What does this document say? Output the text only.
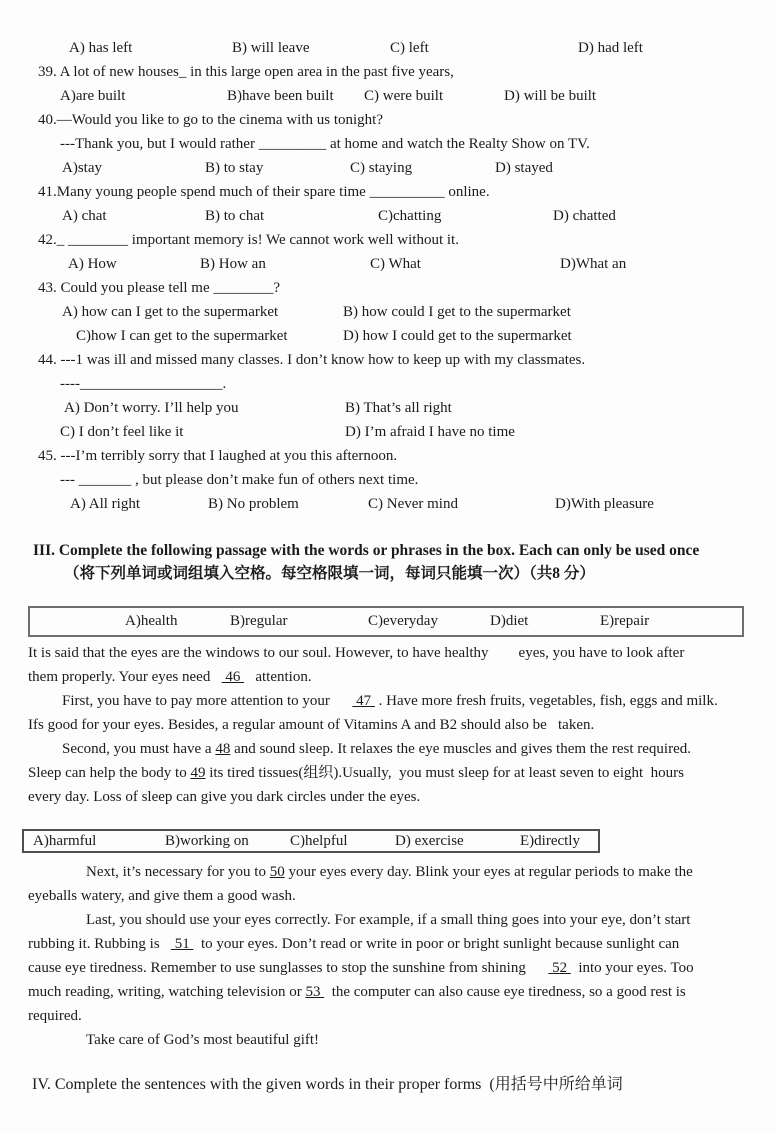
A) has left	B) will leave	C) left	D) had left
39. A lot of new houses_ in this large open area in the past five years,
A)are built	B)have been built	C) were built	D) will be built
40.—Would you like to go to the cinema with us tonight?
---Thank you, but I would rather _________ at home and watch the Realty Show on TV.
A)stay	B) to stay	C) staying	D) stayed
41.Many young people spend much of their spare time __________ online.
A) chat	B) to chat	C)chatting	D) chatted
42._ ________ important memory is! We cannot work well without it.
A) How	B) How an	C) What	D)What an
43. Could you please tell me ________?
A) how can I get to the supermarket	B) how could I get to the supermarket
C)how I can get to the supermarket	D) how I could get to the supermarket
44. ---1 was ill and missed many classes. I don’t know how to keep up with my classmates.
----___________________.
A) Don’t worry. I’ll help you	B) That’s all right
C) I don’t feel like it	D) I’m afraid I have no time
45. ---I’m terribly sorry that I laughed at you this afternoon.
--- _______ , but please don’t make fun of others next time.
A) All right	B) No problem	C) Never mind	D)With pleasure
III. Complete the following passage with the words or phrases in the box. Each can only be used once
（将下列单词或词组填入空格。每空格限填一词，每词只能填一次）（共8 分）
A)health	B)regular	C)everyday	D)diet	E)repair
It is said that the eyes are the windows to our soul. However, to have healthy        eyes, you have to look after
them properly. Your eyes need    46    attention.
First, you have to pay more attention to your       47  . Have more fresh fruits, vegetables, fish, eggs and milk.
Ifs good for your eyes. Besides, a regular amount of Vitamins A and B2 should also be   taken.
Second, you must have a 48 and sound sleep. It relaxes the eye muscles and gives them the rest required.
Sleep can help the body to 49 its tired tissues(组织).Usually,  you must sleep for at least seven to eight  hours
every day. Loss of sleep can give you dark circles under the eyes.
A)harmful	B)working on	C)helpful	D) exercise	E)directly
Next, it’s necessary for you to 50 your eyes every day. Blink your eyes at regular periods to make the
eyeballs watery, and give them a good wash.
Last, you should use your eyes correctly. For example, if a small thing goes into your eye, don’t start
rubbing it. Rubbing is    51   to your eyes. Don’t read or write in poor or bright sunlight because sunlight can
cause eye tiredness. Remember to use sunglasses to stop the sunshine from shining       52   into your eyes. Too
much reading, writing, watching television or 53   the computer can also cause eye tiredness, so a good rest is
required.
Take care of God’s most beautiful gift!
IV. Complete the sentences with the given words in their proper forms  (用括号中所给单词
